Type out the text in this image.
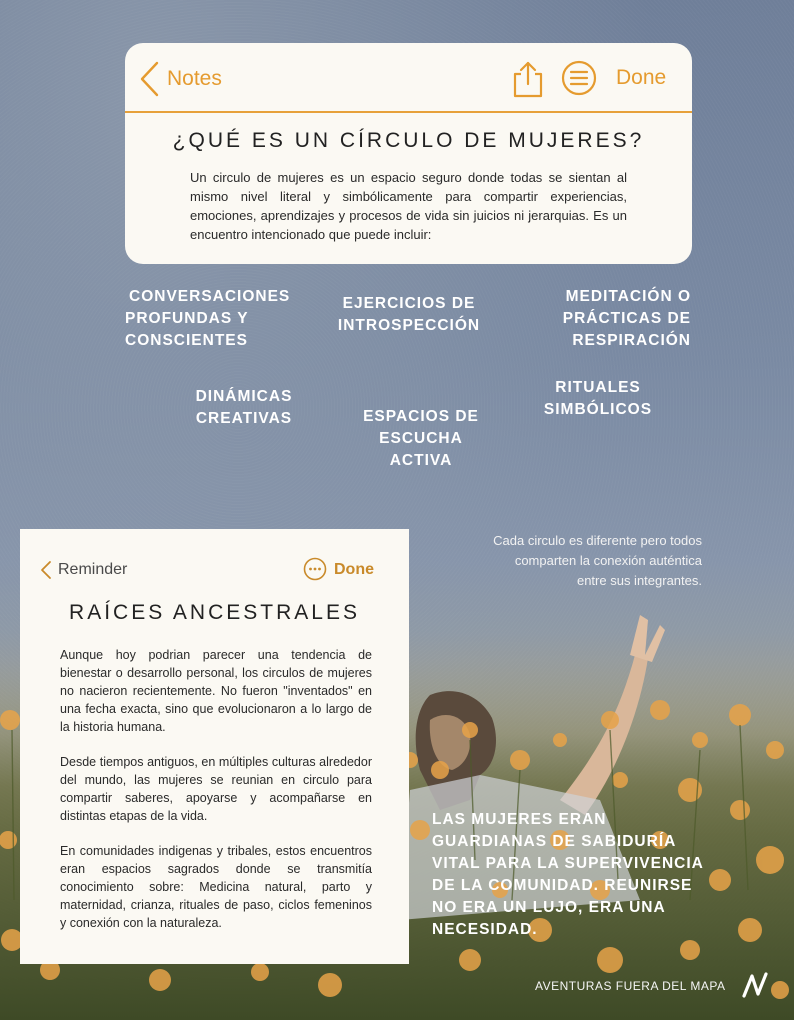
Notes	Done
¿QUÉ ES UN CÍRCULO DE MUJERES?

Un circulo de mujeres es un espacio seguro donde todas se sientan al mismo nivel literal y simbólicamente para compartir experiencias, emociones, aprendizajes y procesos de vida sin juicios ni jerarquias. Es un encuentro intencionado que puede incluir:

CONVERSACIONES
PROFUNDAS Y
CONSCIENTES
EJERCICIOS DE
INTROSPECCIÓN
MEDITACIÓN O
PRÁCTICAS DE
RESPIRACIÓN
DINÁMICAS
CREATIVAS	ESPACIOS DE
ESCUCHA
ACTIVA
RITUALES
SIMBÓLICOS
Cada circulo es diferente pero todos
comparten la conexión auténtica
entre sus integrantes.
Reminder	Done
RAÍCES ANCESTRALES

Aunque hoy podrian parecer una tendencia de bienestar o desarrollo personal, los circulos de mujeres no nacieron recientemente. No fueron "inventados" en una fecha exacta, sino que evolucionaron a lo largo de la historia humana.

Desde tiempos antiguos, en múltiples culturas alrededor del mundo, las mujeres se reunian en circulo para compartir saberes, apoyarse y acompañarse en distintas etapas de la vida.

En comunidades indigenas y tribales, estos encuentros eran espacios sagrados donde se transmitía conocimiento sobre: Medicina natural, parto y maternidad, crianza, rituales de paso, ciclos femeninos y conexión con la naturaleza.

LAS MUJERES ERAN
GUARDIANAS DE SABIDURÍA
VITAL PARA LA SUPERVIVENCIA
DE LA COMUNIDAD. REUNIRSE
NO ERA UN LUJO, ERA UNA
NECESIDAD.
AVENTURAS FUERA DEL MAPA
